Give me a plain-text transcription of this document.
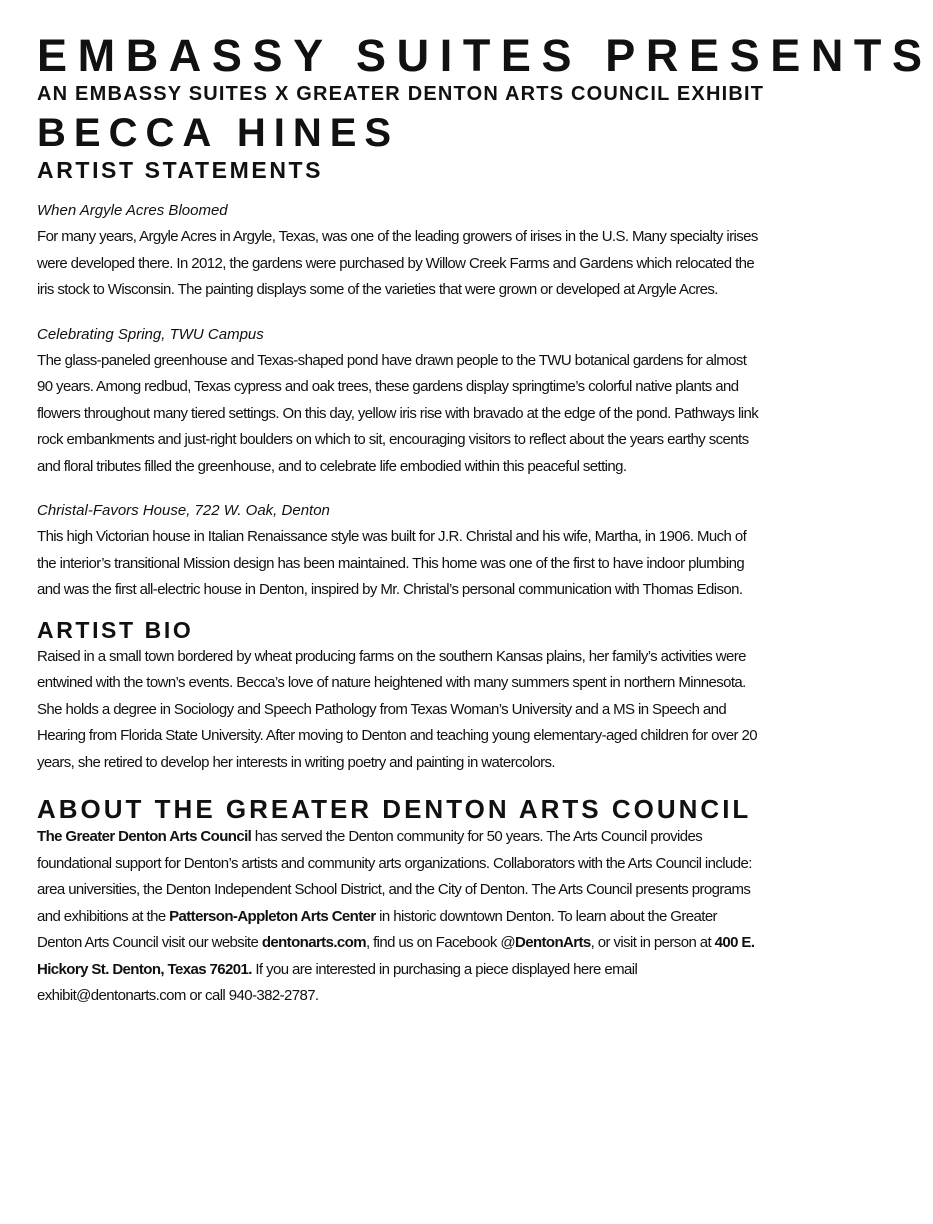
EMBASSY SUITES PRESENTS
AN EMBASSY SUITES X GREATER DENTON ARTS COUNCIL EXHIBIT
BECCA HINES
ARTIST STATEMENTS
When Argyle Acres Bloomed

For many years, Argyle Acres in Argyle, Texas, was one of the leading growers of irises in the U.S. Many specialty irises were developed there. In 2012, the gardens were purchased by Willow Creek Farms and Gardens which relocated the iris stock to Wisconsin. The painting displays some of the varieties that were grown or developed at Argyle Acres.

Celebrating Spring, TWU Campus

The glass-paneled greenhouse and Texas-shaped pond have drawn people to the TWU botanical gardens for almost 90 years. Among redbud, Texas cypress and oak trees, these gardens display springtime’s colorful native plants and flowers throughout many tiered settings. On this day, yellow iris rise with bravado at the edge of the pond. Pathways link rock embankments and just-right boulders on which to sit, encouraging visitors to reflect about the years earthy scents and floral tributes filled the greenhouse, and to celebrate life embodied within this peaceful setting.

Christal-Favors House, 722 W. Oak, Denton

This high Victorian house in Italian Renaissance style was built for J.R. Christal and his wife, Martha, in 1906. Much of the interior’s transitional Mission design has been maintained. This home was one of the first to have indoor plumbing and was the first all-electric house in Denton, inspired by Mr. Christal’s personal communication with Thomas Edison.

ARTIST BIO

Raised in a small town bordered by wheat producing farms on the southern Kansas plains, her family’s activities were entwined with the town’s events. Becca’s love of nature heightened with many summers spent in northern Minnesota. She holds a degree in Sociology and Speech Pathology from Texas Woman’s University and a MS in Speech and Hearing from Florida State University. After moving to Denton and teaching young elementary-aged children for over 20 years, she retired to develop her interests in writing poetry and painting in watercolors.

ABOUT THE GREATER DENTON ARTS COUNCIL

The Greater Denton Arts Council has served the Denton community for 50 years. The Arts Council provides foundational support for Denton’s artists and community arts organizations. Collaborators with the Arts Council include: area universities, the Denton Independent School District, and the City of Denton. The Arts Council presents programs and exhibitions at the Patterson-Appleton Arts Center in historic downtown Denton. To learn about the Greater Denton Arts Council visit our website dentonarts.com, find us on Facebook @DentonArts, or visit in person at 400 E. Hickory St. Denton, Texas 76201. If you are interested in purchasing a piece displayed here email exhibit@dentonarts.com or call 940-382-2787.
